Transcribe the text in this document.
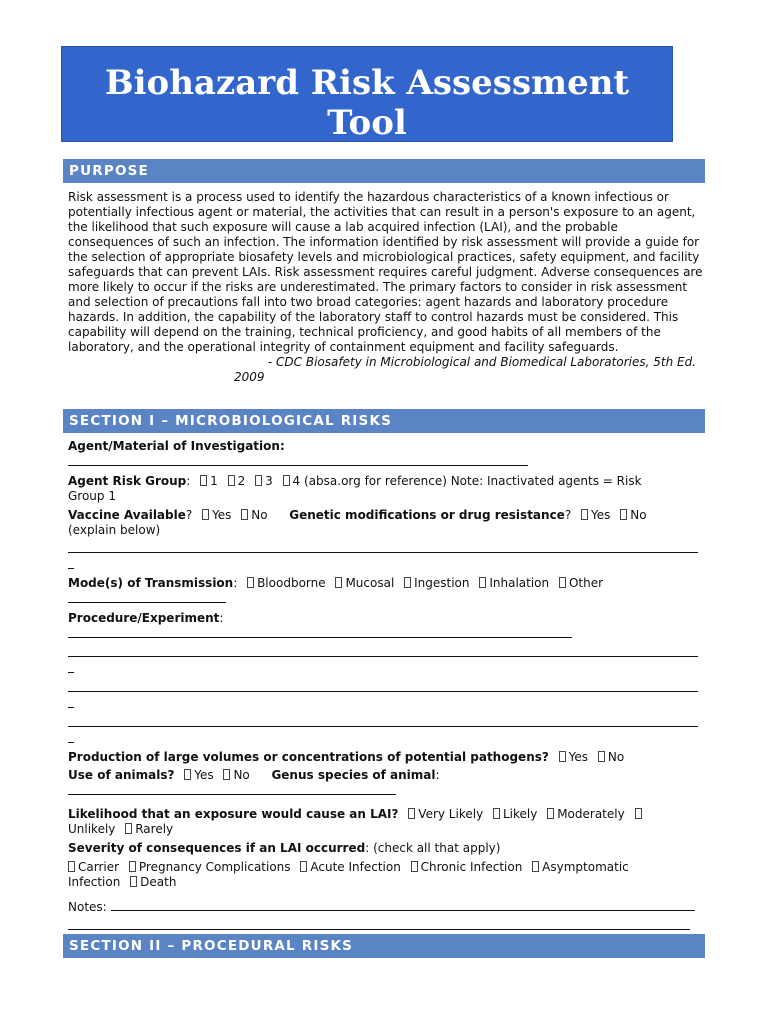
Biohazard Risk Assessment
Tool
PURPOSE
Risk assessment is a process used to identify the hazardous characteristics of a known infectious or potentially infectious agent or material, the activities that can result in a person's exposure to an agent, the likelihood that such exposure will cause a lab acquired infection (LAI), and the probable consequences of such an infection. The information identified by risk assessment will provide a guide for the selection of appropriate biosafety levels and microbiological practices, safety equipment, and facility safeguards that can prevent LAIs. Risk assessment requires careful judgment. Adverse consequences are more likely to occur if the risks are underestimated. The primary factors to consider in risk assessment and selection of precautions fall into two broad categories: agent hazards and laboratory procedure hazards. In addition, the capability of the laboratory staff to control hazards must be considered. This capability will depend on the training, technical proficiency, and good habits of all members of the laboratory, and the operational integrity of containment equipment and facility safeguards.
- CDC Biosafety in Microbiological and Biomedical Laboratories, 5th Ed.
2009
SECTION I – MICROBIOLOGICAL RISKS
Agent/Material of Investigation:
Agent Risk Group: 1 2 3 4 (absa.org for reference) Note: Inactivated agents = Risk
Group 1
Vaccine Available? Yes No Genetic modifications or drug resistance? Yes No
(explain below)
Mode(s) of Transmission: Bloodborne Mucosal Ingestion Inhalation Other
Procedure/Experiment:
Production of large volumes or concentrations of potential pathogens? Yes No
Use of animals? Yes No Genus species of animal:
Likelihood that an exposure would cause an LAI? Very Likely Likely Moderately
Unlikely Rarely
Severity of consequences if an LAI occurred: (check all that apply)
Carrier Pregnancy Complications Acute Infection Chronic Infection Asymptomatic
Infection Death
Notes:
SECTION II – PROCEDURAL RISKS
